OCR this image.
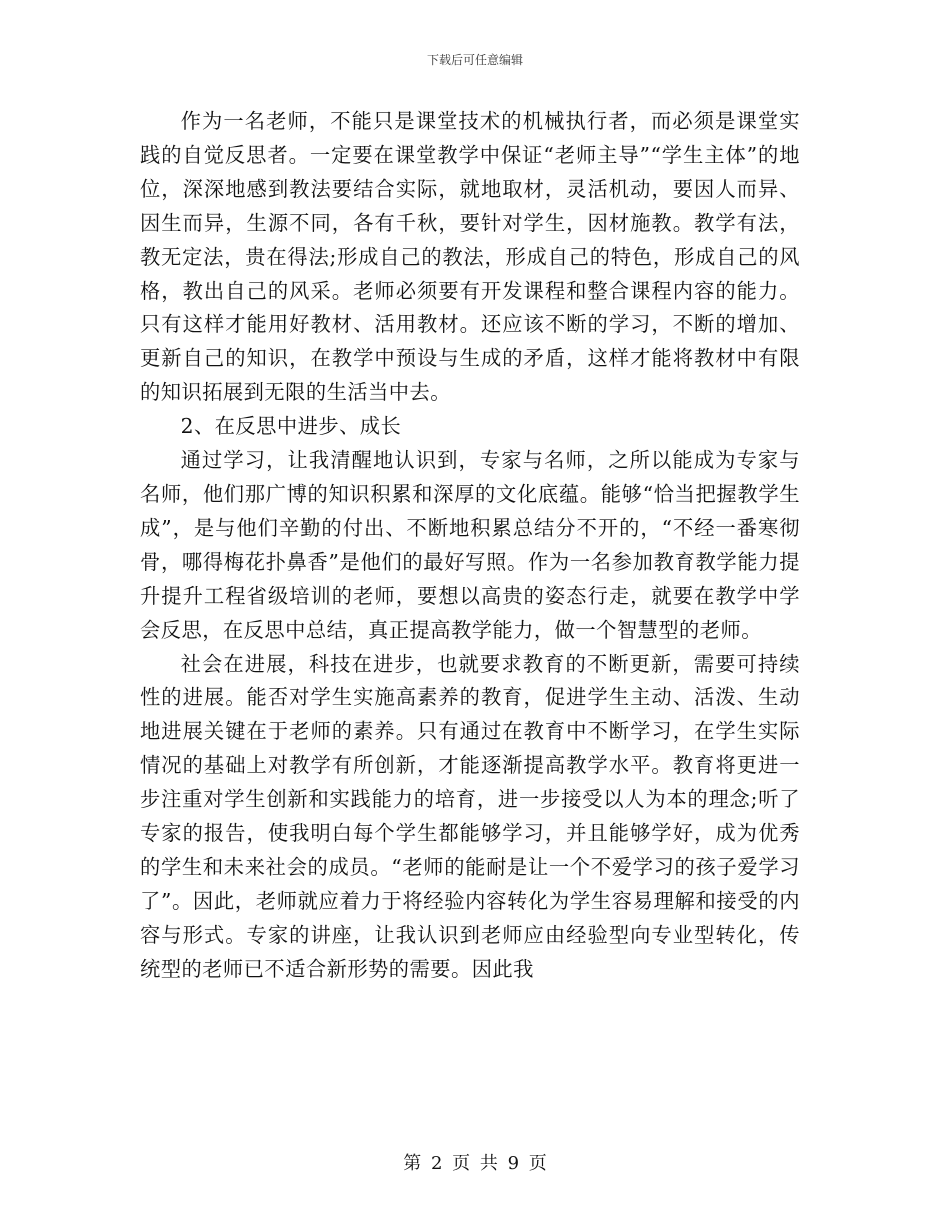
下载后可任意编辑

作为一名老师，不能只是课堂技术的机械执行者，而必须是课堂实践的自觉反思者。一定要在课堂教学中保证“老师主导”“学生主体”的地位，深深地感到教法要结合实际，就地取材，灵活机动，要因人而异、因生而异，生源不同，各有千秋，要针对学生，因材施教。教学有法，教无定法，贵在得法;形成自己的教法，形成自己的特色，形成自己的风格，教出自己的风采。老师必须要有开发课程和整合课程内容的能力。只有这样才能用好教材、活用教材。还应该不断的学习，不断的增加、更新自己的知识，在教学中预设与生成的矛盾，这样才能将教材中有限的知识拓展到无限的生活当中去。

2、在反思中进步、成长

通过学习，让我清醒地认识到，专家与名师，之所以能成为专家与名师，他们那广博的知识积累和深厚的文化底蕴。能够“恰当把握教学生成”，是与他们辛勤的付出、不断地积累总结分不开的，“不经一番寒彻骨，哪得梅花扑鼻香”是他们的最好写照。作为一名参加教育教学能力提升提升工程省级培训的老师，要想以高贵的姿态行走，就要在教学中学会反思，在反思中总结，真正提高教学能力，做一个智慧型的老师。

社会在进展，科技在进步，也就要求教育的不断更新，需要可持续性的进展。能否对学生实施高素养的教育，促进学生主动、活泼、生动地进展关键在于老师的素养。只有通过在教育中不断学习，在学生实际情况的基础上对教学有所创新，才能逐渐提高教学水平。教育将更进一步注重对学生创新和实践能力的培育，进一步接受以人为本的理念;听了专家的报告，使我明白每个学生都能够学习，并且能够学好，成为优秀的学生和未来社会的成员。“老师的能耐是让一个不爱学习的孩子爱学习了”。因此，老师就应着力于将经验内容转化为学生容易理解和接受的内容与形式。专家的讲座，让我认识到老师应由经验型向专业型转化，传统型的老师已不适合新形势的需要。因此我

第 2 页 共 9 页
